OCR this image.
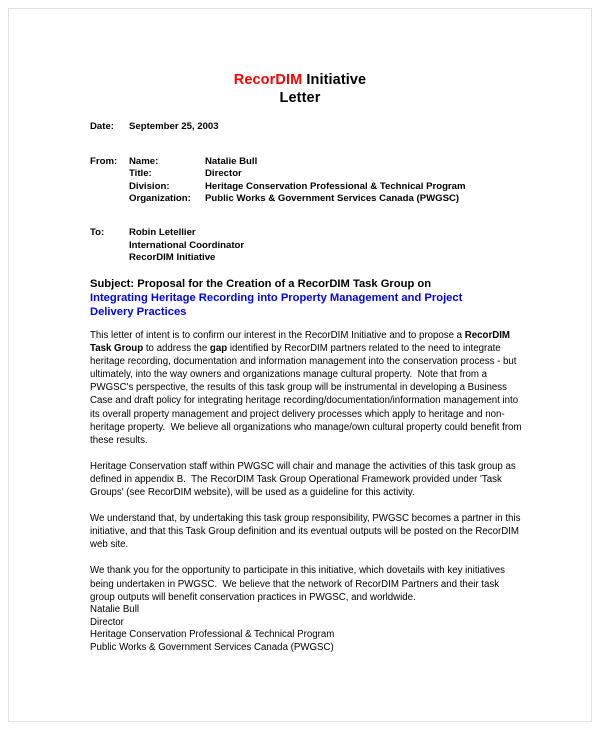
RecorDIM Initiative
Letter
Date:	September 25, 2003
From:	Name:	Natalie Bull
Title:	Director
Division:	Heritage Conservation Professional & Technical Program
Organization:	Public Works & Government Services Canada (PWGSC)
To:	Robin Letellier
International Coordinator
RecorDIM Initiative
Subject: Proposal for the Creation of a RecorDIM Task Group on
Integrating Heritage Recording into Property Management and Project
Delivery Practices

This letter of intent is to confirm our interest in the RecorDIM Initiative and to propose a RecorDIM Task Group to address the gap identified by RecorDIM partners related to the need to integrate heritage recording, documentation and information management into the conservation process - but ultimately, into the way owners and organizations manage cultural property.  Note that from a PWGSC's perspective, the results of this task group will be instrumental in developing a Business Case and draft policy for integrating heritage recording/documentation/information management into its overall property management and project delivery processes which apply to heritage and non-heritage property.  We believe all organizations who manage/own cultural property could benefit from these results.

Heritage Conservation staff within PWGSC will chair and manage the activities of this task group as defined in appendix B.  The RecorDIM Task Group Operational Framework provided under 'Task Groups' (see RecorDIM website), will be used as a guideline for this activity.

We understand that, by undertaking this task group responsibility, PWGSC becomes a partner in this initiative, and that this Task Group definition and its eventual outputs will be posted on the RecorDIM web site.

We thank you for the opportunity to participate in this initiative, which dovetails with key initiatives being undertaken in PWGSC.  We believe that the network of RecorDIM Partners and their task group outputs will benefit conservation practices in PWGSC, and worldwide.

Natalie Bull
Director
Heritage Conservation Professional & Technical Program
Public Works & Government Services Canada (PWGSC)
